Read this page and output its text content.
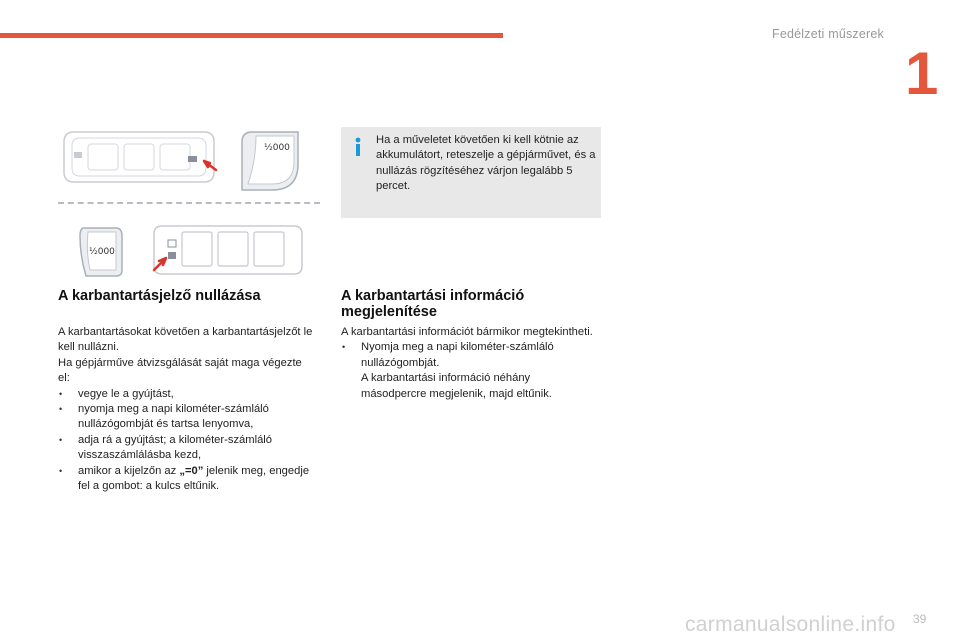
Fedélzeti műszerek
1
½000
½000
Ha a műveletet követően ki kell kötnie az akkumulátort, reteszelje a gépjárművet, és a nullázás rögzítéséhez várjon legalább 5 percet.
A karbantartásjelző nullázása

A karbantartásokat követően a karbantartásjelzőt le kell nullázni.

Ha gépjárműve átvizsgálását saját maga végezte el:

• vegye le a gyújtást,
• nyomja meg a napi kilométer-számláló nullázógombját és tartsa lenyomva,
• adja rá a gyújtást; a kilométer-számláló visszaszámlálásba kezd,
• amikor a kijelzőn az „=0” jelenik meg, engedje fel a gombot: a kulcs eltűnik.
A karbantartási információ megjelenítése

A karbantartási információt bármikor megtekintheti.

• Nyomja meg a napi kilométer-számláló nullázógombját.
A karbantartási információ néhány másodpercre megjelenik, majd eltűnik.
carmanualsonline.info 39
